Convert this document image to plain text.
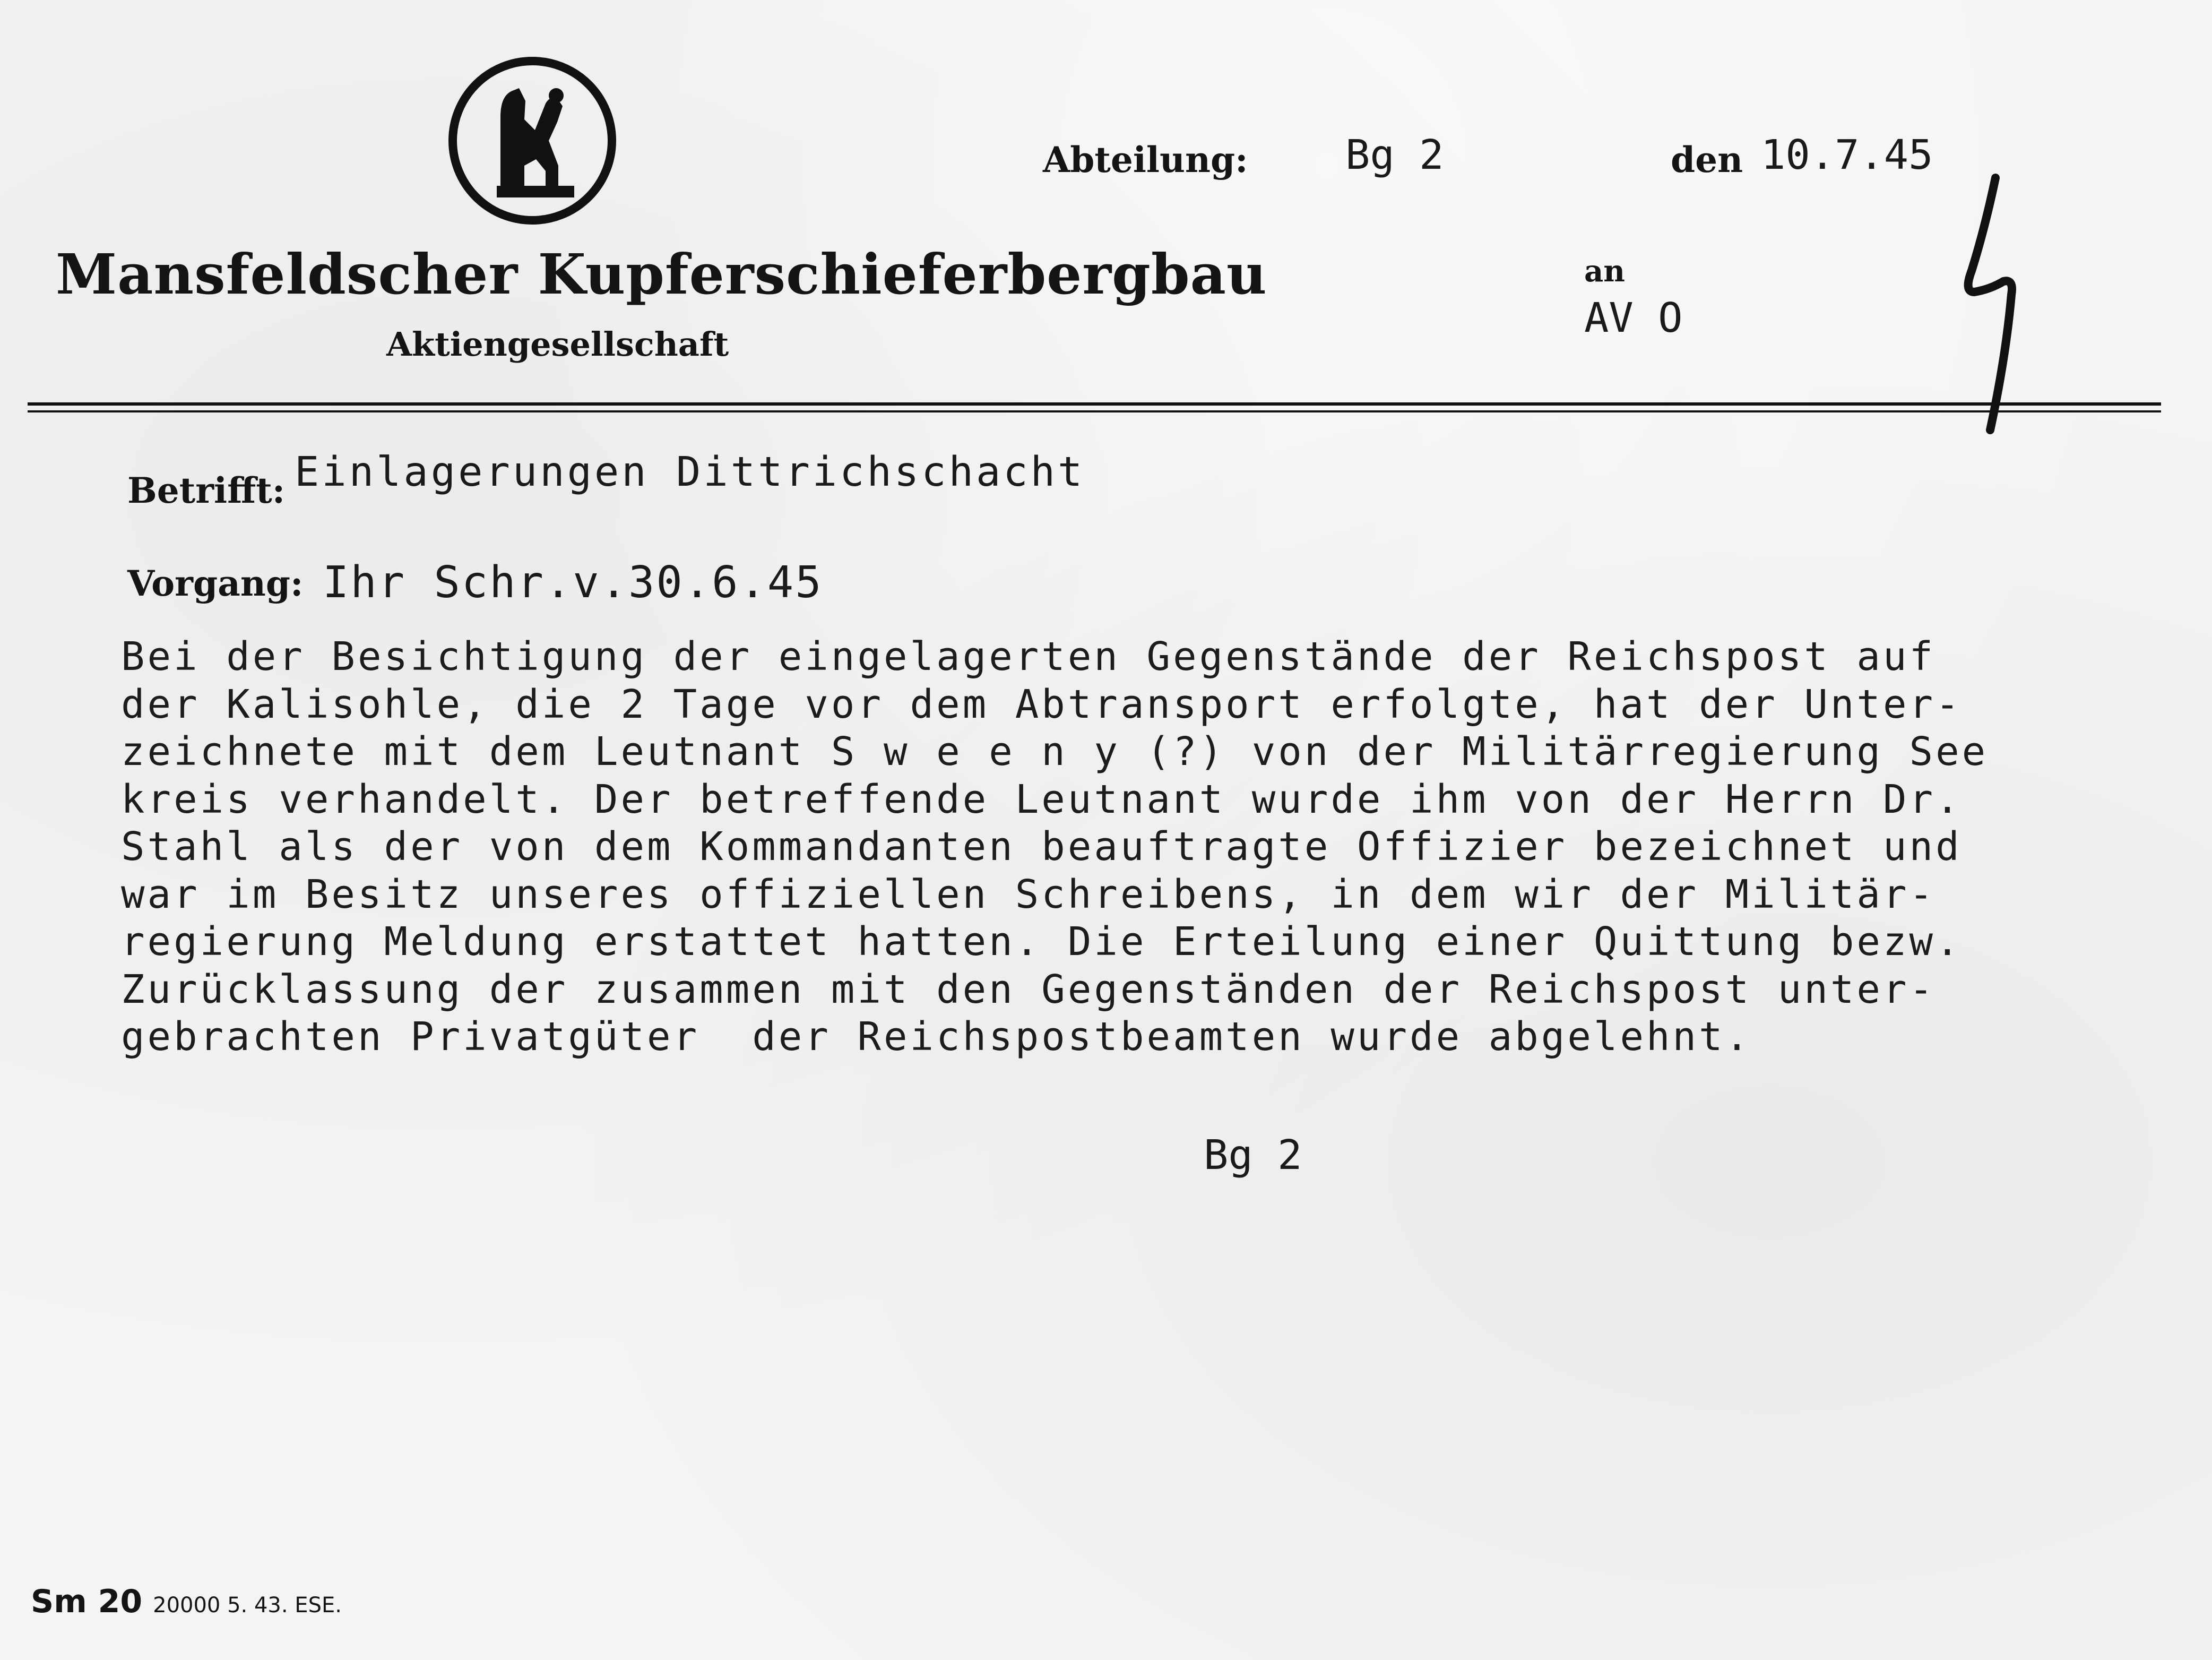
Mansfeldscher Kupferschieferbergbau
Aktiengesellschaft
Abteilung: Bg 2	den 10.7.45
an
AV O
Betrifft: Einlagerungen Dittrichschacht
Vorgang: Ihr Schr.v.30.6.45
Bei der Besichtigung der eingelagerten Gegenstände der Reichspost auf
der Kalisohle, die 2 Tage vor dem Abtransport erfolgte, hat der Unter-
zeichnete mit dem Leutnant S w e e n y (?) von der Militärregierung See
kreis verhandelt. Der betreffende Leutnant wurde ihm von der Herrn Dr.
Stahl als der von dem Kommandanten beauftragte Offizier bezeichnet und
war im Besitz unseres offiziellen Schreibens, in dem wir der Militär-
regierung Meldung erstattet hatten. Die Erteilung einer Quittung bezw.
Zurücklassung der zusammen mit den Gegenständen der Reichspost unter-
gebrachten Privatgüter  der Reichspostbeamten wurde abgelehnt.
Bg 2
Sm 20 20000 5. 43. ESE.
